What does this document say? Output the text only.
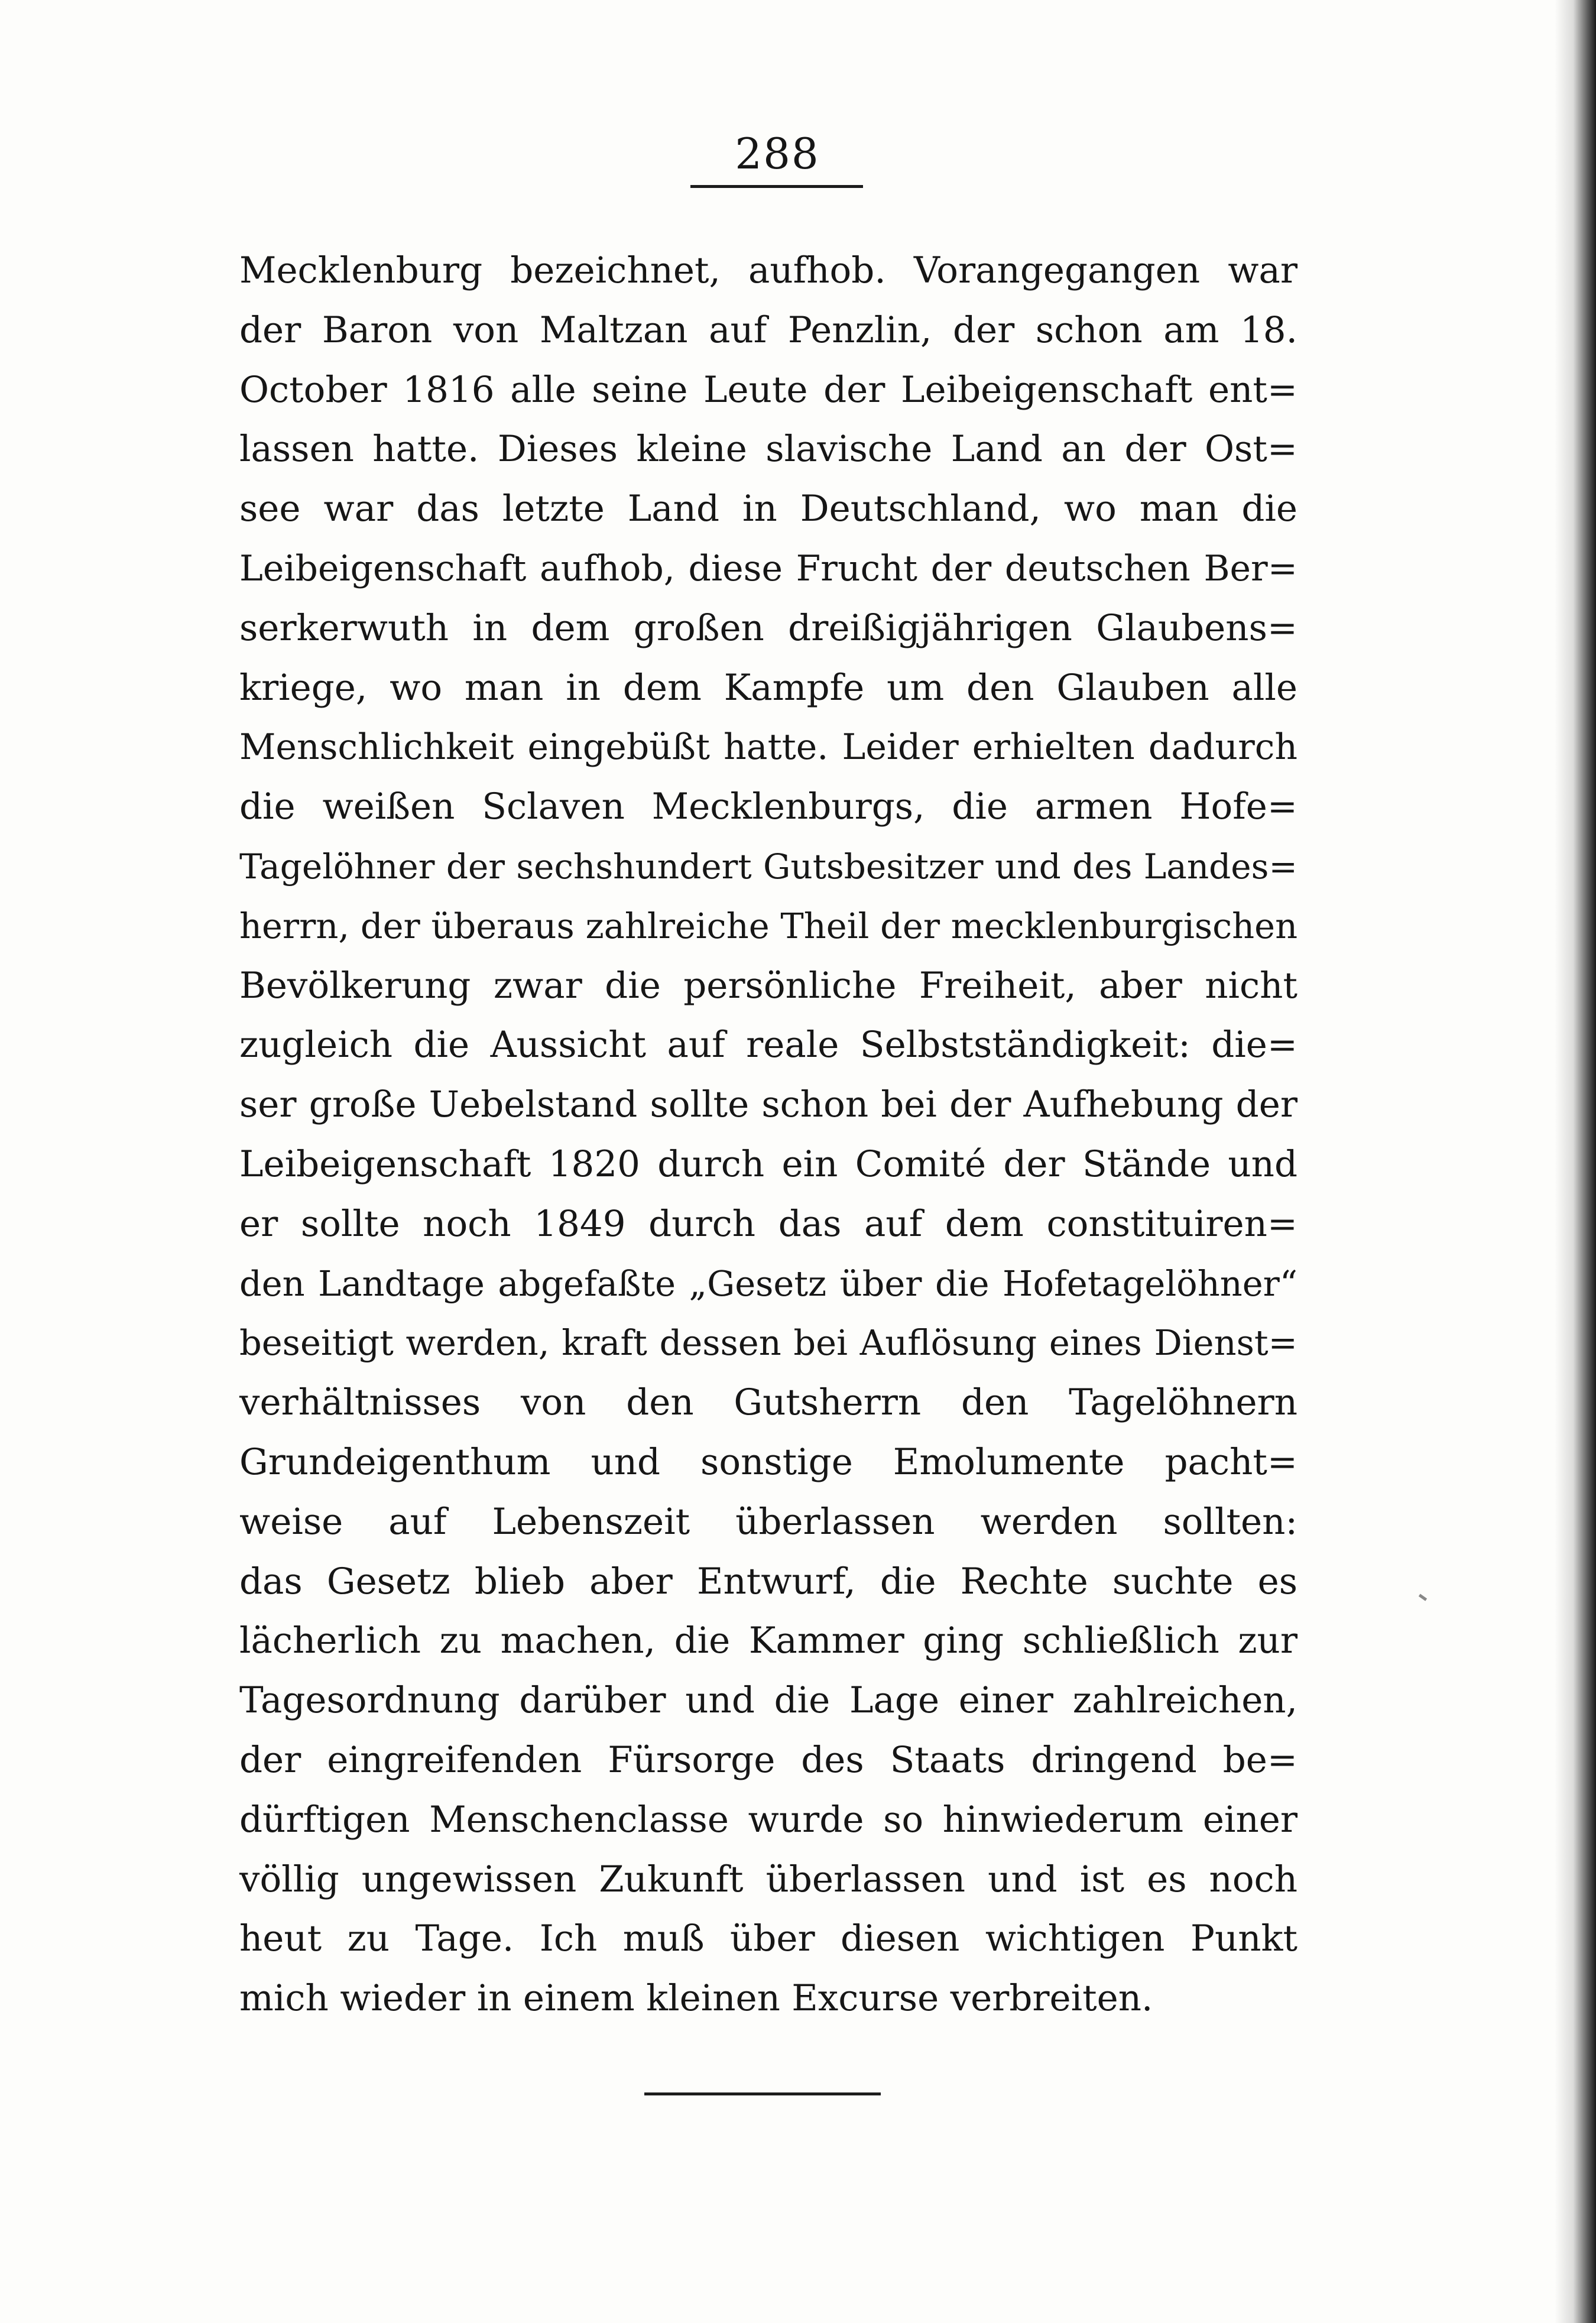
288
Mecklenburg bezeichnet, aufhob. Vorangegangen war
der Baron von Maltzan auf Penzlin, der schon am 18.
October 1816 alle seine Leute der Leibeigenschaft ent=
lassen hatte. Dieses kleine slavische Land an der Ost=
see war das letzte Land in Deutschland, wo man die
Leibeigenschaft aufhob, diese Frucht der deutschen Ber=
serkerwuth in dem großen dreißigjährigen Glaubens=
kriege, wo man in dem Kampfe um den Glauben alle
Menschlichkeit eingebüßt hatte. Leider erhielten dadurch
die weißen Sclaven Mecklenburgs, die armen Hofe=
Tagelöhner der sechshundert Gutsbesitzer und des Landes=
herrn, der überaus zahlreiche Theil der mecklenburgischen
Bevölkerung zwar die persönliche Freiheit, aber nicht
zugleich die Aussicht auf reale Selbstständigkeit: die=
ser große Uebelstand sollte schon bei der Aufhebung der
Leibeigenschaft 1820 durch ein Comité der Stände und
er sollte noch 1849 durch das auf dem constituiren=
den Landtage abgefaßte „Gesetz über die Hofetagelöhner“
beseitigt werden, kraft dessen bei Auflösung eines Dienst=
verhältnisses von den Gutsherrn den Tagelöhnern
Grundeigenthum und sonstige Emolumente pacht=
weise auf Lebenszeit überlassen werden sollten:
das Gesetz blieb aber Entwurf, die Rechte suchte es
lächerlich zu machen, die Kammer ging schließlich zur
Tagesordnung darüber und die Lage einer zahlreichen,
der eingreifenden Fürsorge des Staats dringend be=
dürftigen Menschenclasse wurde so hinwiederum einer
völlig ungewissen Zukunft überlassen und ist es noch
heut zu Tage. Ich muß über diesen wichtigen Punkt
mich wieder in einem kleinen Excurse verbreiten.
